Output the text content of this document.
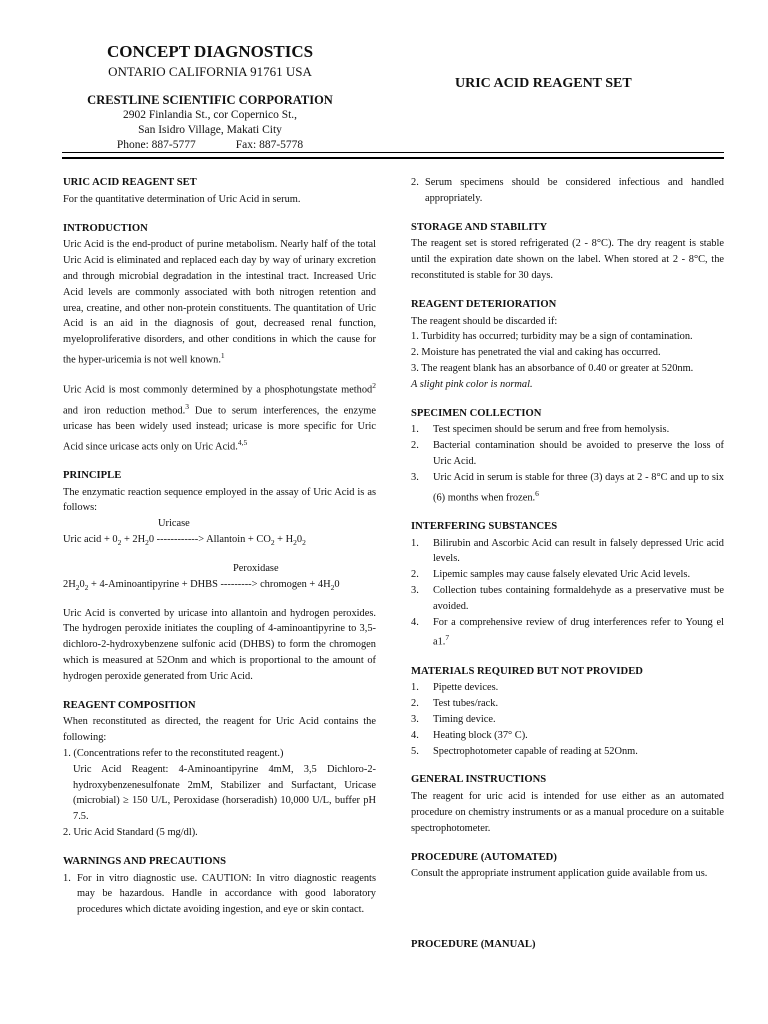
CONCEPT DIAGNOSTICS
ONTARIO CALIFORNIA 91761 USA
CRESTLINE SCIENTIFIC CORPORATION
2902 Finlandia St., cor Copernico St.,
San Isidro Village, Makati City
Phone: 887-5777	Fax: 887-5778
URIC ACID REAGENT SET
URIC ACID REAGENT SET

For the quantitative determination of Uric Acid in serum.

INTRODUCTION

Uric Acid is the end-product of purine metabolism. Nearly half of the total Uric Acid is eliminated and replaced each day by way of urinary excretion and through microbial degradation in the intestinal tract. Increased Uric Acid levels are commonly associated with both nitrogen retention and urea, creatine, and other non-protein constituents. The quantitation of Uric Acid is an aid in the diagnosis of gout, decreased renal function, myeloproliferative disorders, and other conditions in which the cause for the hyper-uricemia is not well known.$^1$

Uric Acid is most commonly determined by a phosphotungstate method$^2$ and iron reduction method.$^3$ Due to serum interferences, the enzyme uricase has been widely used instead; uricase is more specific for Uric Acid since uricase acts only on Uric Acid.$^{4,5}$

PRINCIPLE

The enzymatic reaction sequence employed in the assay of Uric Acid is as follows:

Uricase
Uric acid + $0_2 + 2H_20$ ------------> Allantoin + $CO_2 + H_20_2$
Peroxidase
$2H_20_2$ + 4-Aminoantipyrine + DHBS ---------> chromogen + $4H_20$

Uric Acid is converted by uricase into allantoin and hydrogen peroxides. The hydrogen peroxide initiates the coupling of 4-aminoantipyrine to 3,5-dichloro-2-hydroxybenzene sulfonic acid (DHBS) to form the chromogen which is measured at 52Onm and which is proportional to the amount of hydrogen peroxide generated from Uric Acid.

REAGENT COMPOSITION

When reconstituted as directed, the reagent for Uric Acid contains the following:

1. (Concentrations refer to the reconstituted reagent.)

Uric Acid Reagent: 4-Aminoantipyrine 4mM, 3,5 Dichloro-2-hydroxybenzenesulfonate 2mM, Stabilizer and Surfactant, Uricase (microbial) ≥ 150 U/L, Peroxidase (horseradish) 10,000 U/L, buffer pH 7.5.

2. Uric Acid Standard (5 mg/dl).
WARNINGS AND PRECAUTIONS
1. For in vitro diagnostic use. CAUTION: In vitro diagnostic reagents may be hazardous. Handle in accordance with good laboratory procedures which dictate avoiding ingestion, and eye or skin contact.
2. Serum specimens should be considered infectious and handled appropriately.
STORAGE AND STABILITY

The reagent set is stored refrigerated (2 - 8°C). The dry reagent is stable until the expiration date shown on the label. When stored at 2 - 8°C, the reconstituted is stable for 30 days.

REAGENT DETERIORATION
The reagent should be discarded if:
1. Turbidity has occurred; turbidity may be a sign of contamination.
2. Moisture has penetrated the vial and caking has occurred.
3. The reagent blank has an absorbance of 0.40 or greater at 520nm.
A slight pink color is normal.
SPECIMEN COLLECTION
1.	Test specimen should be serum and free from hemolysis.
2.	Bacterial contamination should be avoided to preserve the loss of Uric Acid.
3.	Uric Acid in serum is stable for three (3) days at 2 - 8°C and up to six (6) months when frozen.$^6$
INTERFERING SUBSTANCES
1.	Bilirubin and Ascorbic Acid can result in falsely depressed Uric acid levels.
2.	Lipemic samples may cause falsely elevated Uric Acid levels.
3.	Collection tubes containing formaldehyde as a preservative must be avoided.
4.	For a comprehensive review of drug interferences refer to Young el a1.$^7$
MATERIALS REQUIRED BUT NOT PROVIDED
1.	Pipette devices.
2.	Test tubes/rack.
3.	Timing device.
4.	Heating block (37° C).
5.	Spectrophotometer capable of reading at 52Onm.
GENERAL INSTRUCTIONS

The reagent for uric acid is intended for use either as an automated procedure on chemistry instruments or as a manual procedure on a suitable spectrophotometer.

PROCEDURE (AUTOMATED)

Consult the appropriate instrument application guide available from us.

PROCEDURE (MANUAL)
